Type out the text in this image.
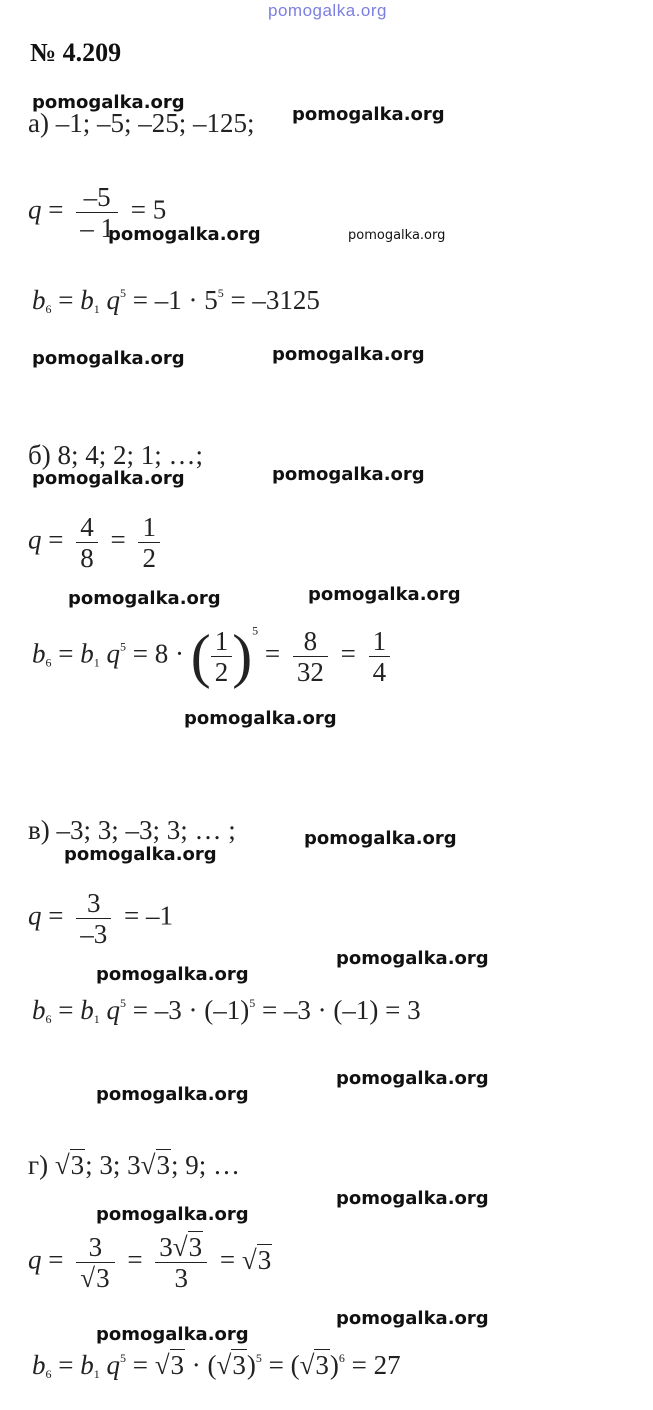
pomogalka.org
№ 4.209
а) –1; –5; –25; –125;
$q = \frac{-5}{- 1} = 5$
$b_6 = b_1$ $q^5 = -1 \cdot 5^5 = -3125$
б) 8; 4; 2; 1; …;
$q = \frac{4}{8} = \frac{1}{2}$
$b_6 = b_1$ $q^5 = 8$ · ( $\frac{1}{2} )^5 = \frac{8}{32} = \frac{1}{4}$
в) –3; 3; –3; 3; … ;
$q = \frac{3}{-3} = -1$
$b_6 = b_1$ $q^5 = -3 \cdot (-1)^5 = -3 \cdot (-1) = 3$
г) √3; 3; 3√3; 9; …
$q = \frac{3}{√3} = \frac{3√3}{3} = √3$
$b_6 = b_1$ $q^5 = √3 \cdot (√3)^5 = (√3)^6 = 27$
pomogalka.org
pomogalka.org
pomogalka.org	pomogalka.org
pomogalka.org	pomogalka.org
pomogalka.org	pomogalka.org
pomogalka.org	pomogalka.org
pomogalka.org
pomogalka.org
pomogalka.org
pomogalka.org
pomogalka.org
pomogalka.org
pomogalka.org
pomogalka.org
pomogalka.org
pomogalka.org
pomogalka.org
